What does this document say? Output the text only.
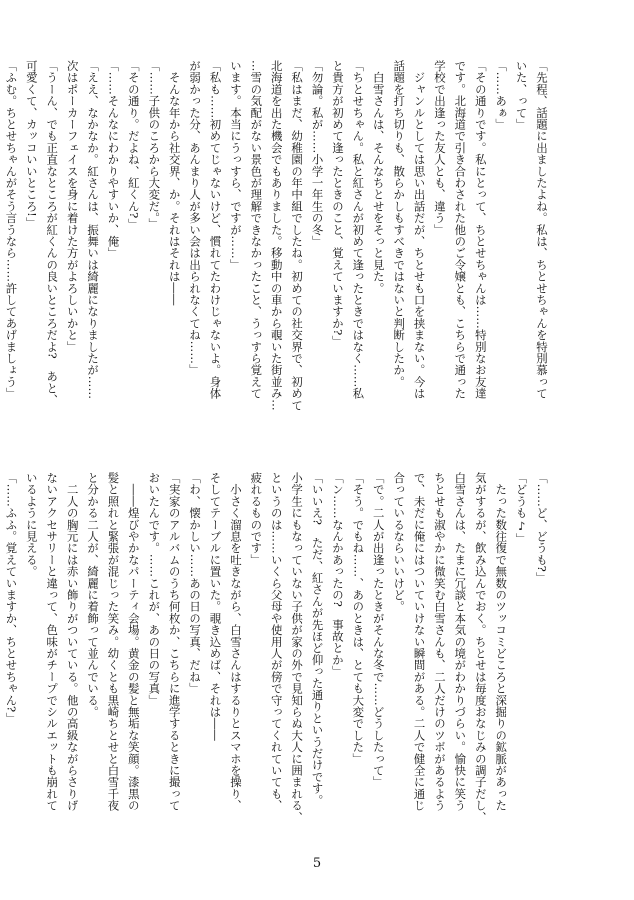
「先程、話題に出ましたよね。私は、ちとせちゃんを特別慕って
いた、って」
「……あぁ」
「その通りです。私にとって、ちとせちゃんは……特別なお友達
です。北海道で引き合わされた他のご令嬢とも、こちらで通った
学校で出逢った友人とも、違う」
　ジャンルとしては思い出話だが、ちとせも口を挟まない。今は
話題を打ち切りも、散らかしもすべきではないと判断したか。
　白雪さんは、そんなちとせをそっと見た。
「ちとせちゃん。私と紅さんが初めて逢ったときではなく……私
と貴方が初めて逢ったときのこと、覚えていますか?」
「勿論。私が……小学一年生の冬」
「私はまだ、幼稚園の年中組でしたね。初めての社交界で、初めて
北海道を出た機会でもありました。移動中の車から覗いた街並み…
…雪の気配がない景色が理解できなかったこと、うっすら覚えて
います。本当にうっすら、ですが……」
「私も……初めてじゃないけど、慣れてたわけじゃないよ。身体
が弱かった分、あんまり人が多い会は出られなくてね……」
　そんな年から社交界、か。それはそれは――
「……子供のころから大変だ。」
「その通り。だよね、紅くん?」
「……そんなにわかりやすいか、俺」
「ええ、なかなか。紅さんは、振舞いは綺麗になりましたが……
次はポーカーフェイスを身に着けた方がよろしいかと」
「うーん、でも正直なところが紅くんの良いところだよ?　あと、
可愛くて、カッコいいところ!」
「ふむ。ちとせちゃんがそう言うなら……許してあげましょう」
「……ど、どうも?」
「どうも♪」
　たった数往復で無数のツッコミどころと深掘りの鉱脈があった
気がするが、飲み込んでおく。ちとせは毎度おなじみの調子だし、
白雪さんは、たまに冗談と本気の境がわかりづらい。愉快に笑う
ちとせも淑やかに微笑む白雪さんも、二人だけのツボがあるよう
で、未だに俺にはついていけない瞬間がある。二人で健全に通じ
合っているならいいけど。
「で。二人が出逢ったときがそんな冬で……どうしたって」
「そう。でもね……、あのときは、とても大変でした」
「ン……なんかあったの?　事故とか」
「いいえ?　ただ、紅さんが先ほど仰った通りというだけです。
小学生にもなっていない子供が家の外で見知らぬ大人に囲まれる、
というのは……いくら父母や使用人が傍で守ってくれていても、
疲れるものです」
　小さく溜息を吐きながら、白雪さんはするりとスマホを操り、
そしてテーブルに置いた。覗き込めば、それは――
「わ、懐かしい……あの日の写真、だね」
「実家のアルバムのうち何枚か、こちらに進学するときに撮って
おいたんです。……これが、あの日の写真」
　――煌びやかなパーティ会場。黄金の髪と無垢な笑顔。漆黒の
髪と照れと緊張が混じった笑み。幼くとも黒崎ちとせと白雪千夜
と分かる二人が、綺麗に着飾って並んでいる。
　二人の胸元には赤い飾りがついている。他の高級ながらさりげ
ないアクセサリーと違って、色味がチープでシルエットも崩れて
いるように見える。
「……ふふ。覚えていますか、ちとせちゃん?」

5
